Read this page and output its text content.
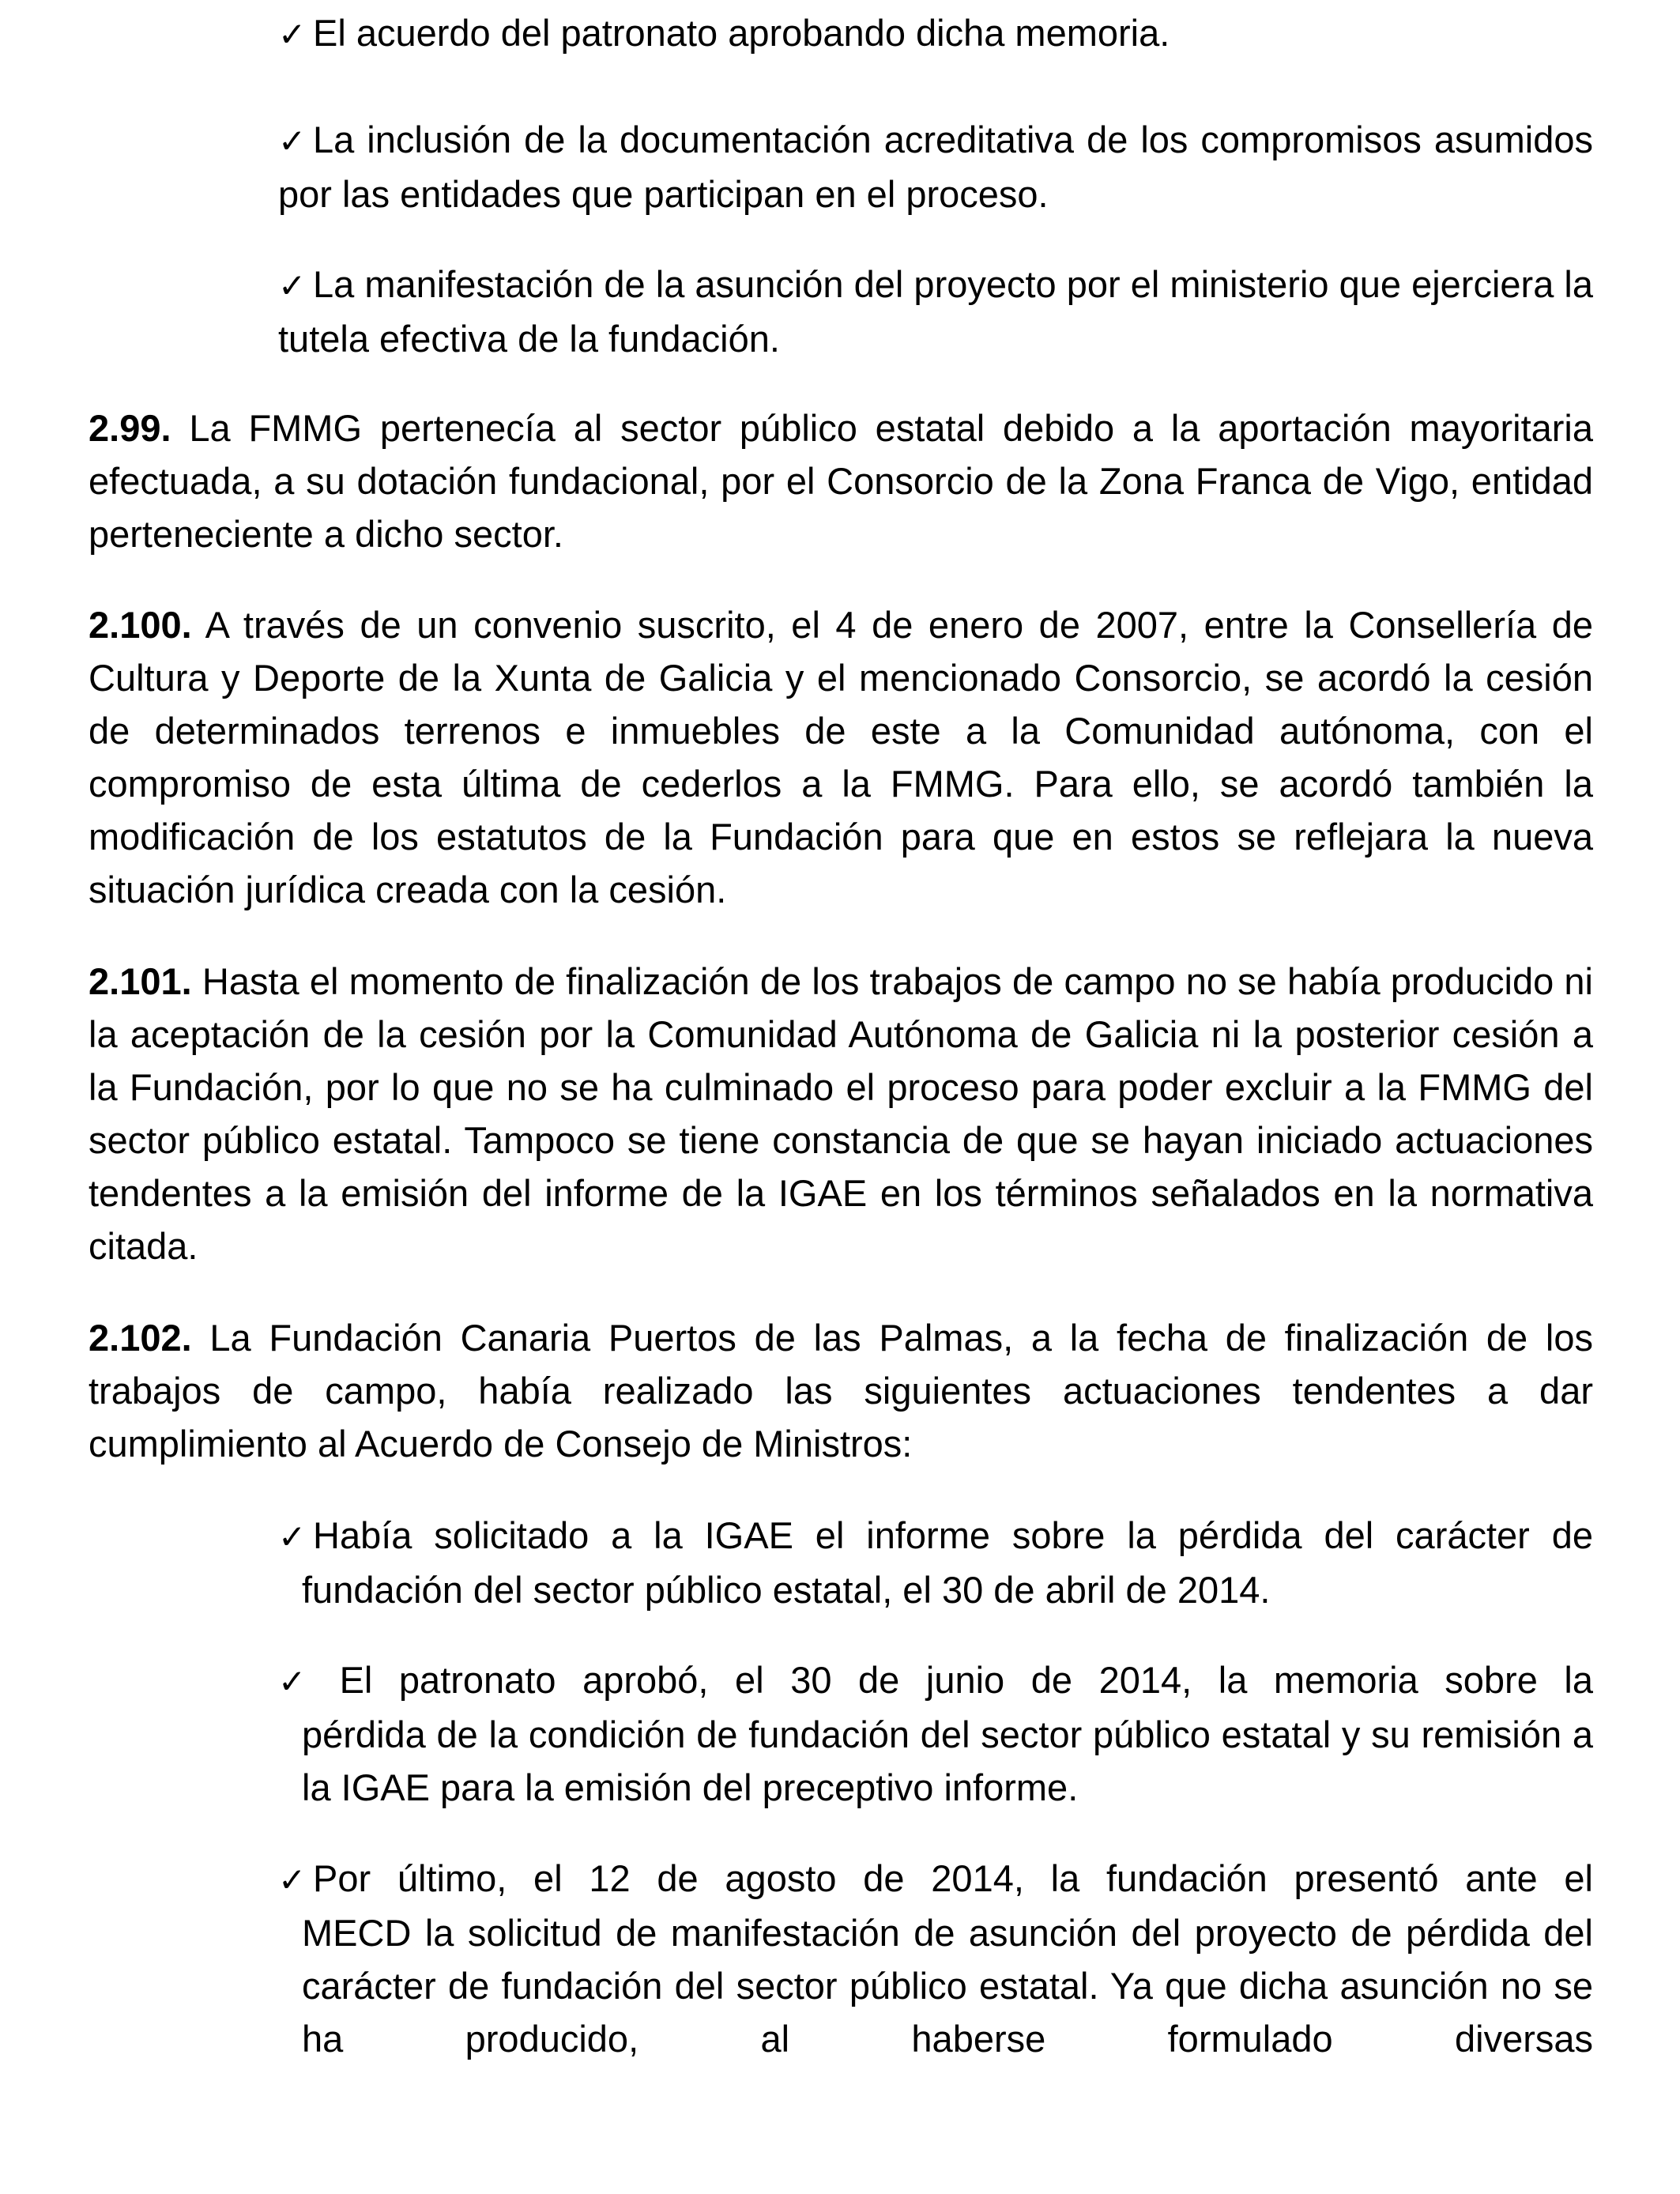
✓ El acuerdo del patronato aprobando dicha memoria.

✓ La inclusión de la documentación acreditativa de los compromisos asumidos por las entidades que participan en el proceso.

✓ La manifestación de la asunción del proyecto por el ministerio que ejerciera la tutela efectiva de la fundación.

2.99. La FMMG pertenecía al sector público estatal debido a la aportación mayoritaria efectuada, a su dotación fundacional, por el Consorcio de la Zona Franca de Vigo, entidad perteneciente a dicho sector.

2.100. A través de un convenio suscrito, el 4 de enero de 2007, entre la Consellería de Cultura y Deporte de la Xunta de Galicia y el mencionado Consorcio, se acordó la cesión de determinados terrenos e inmuebles de este a la Comunidad autónoma, con el compromiso de esta última de cederlos a la FMMG. Para ello, se acordó también la modificación de los estatutos de la Fundación para que en estos se reflejara la nueva situación jurídica creada con la cesión.

2.101. Hasta el momento de finalización de los trabajos de campo no se había producido ni la aceptación de la cesión por la Comunidad Autónoma de Galicia ni la posterior cesión a la Fundación, por lo que no se ha culminado el proceso para poder excluir a la FMMG del sector público estatal. Tampoco se tiene constancia de que se hayan iniciado actuaciones tendentes a la emisión del informe de la IGAE en los términos señalados en la normativa citada.

2.102. La Fundación Canaria Puertos de las Palmas, a la fecha de finalización de los trabajos de campo, había realizado las siguientes actuaciones tendentes a dar cumplimiento al Acuerdo de Consejo de Ministros:

✓ Había solicitado a la IGAE el informe sobre la pérdida del carácter de
fundación del sector público estatal, el 30 de abril de 2014.
✓ El patronato aprobó, el 30 de junio de 2014, la memoria sobre la
pérdida de la condición de fundación del sector público estatal y su remisión a la IGAE para la emisión del preceptivo informe.
✓ Por último, el 12 de agosto de 2014, la fundación presentó ante el
MECD la solicitud de manifestación de asunción del proyecto de pérdida del carácter de fundación del sector público estatal. Ya que dicha asunción no se ha producido, al haberse formulado diversas
